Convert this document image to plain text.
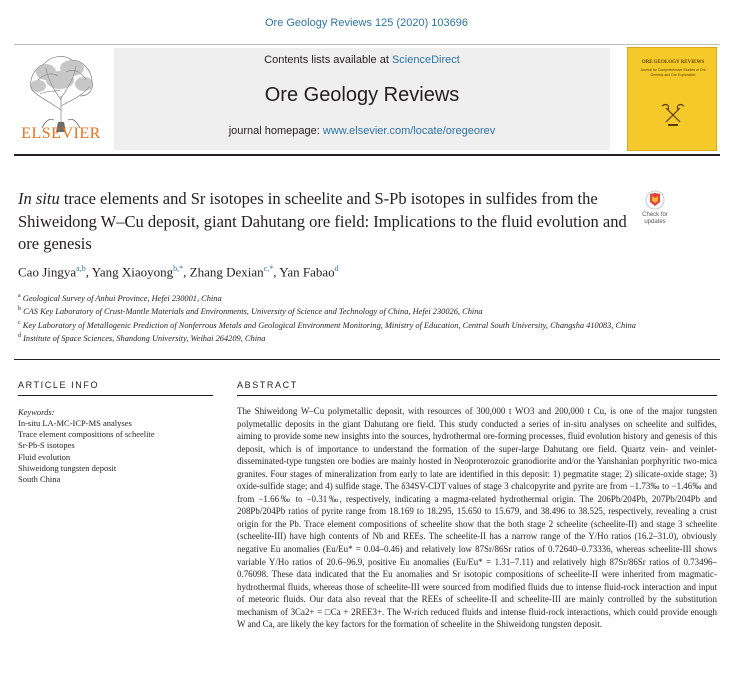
Ore Geology Reviews 125 (2020) 103696
ELSEVIER
Contents lists available at ScienceDirect
Ore Geology Reviews
journal homepage: www.elsevier.com/locate/oregeorev
ORE GEOLOGY REVIEWS
Journal for Comprehensive Studies of Ore Genesis and Ore Exploration
In situ trace elements and Sr isotopes in scheelite and S-Pb isotopes in sulfides from the Shiweidong W–Cu deposit, giant Dahutang ore field: Implications to the fluid evolution and ore genesis
Check for updates
Cao Jingya$^{a,b}$, Yang Xiaoyong$^{b,*}$, Zhang Dexian$^{c,*}$, Yan Fabao$^d$
$^a$ Geological Survey of Anhui Province, Hefei 230001, China
$^b$ CAS Key Laboratory of Crust-Mantle Materials and Environments, University of Science and Technology of China, Hefei 230026, China
$^c$ Key Laboratory of Metallogenic Prediction of Nonferrous Metals and Geological Environment Monitoring, Ministry of Education, Central South University, Changsha 410083, China
$^d$ Institute of Space Sciences, Shandong University, Weihai 264209, China
ARTICLE INFO
Keywords:
In-situ LA-MC-ICP-MS analyses
Trace element compositions of scheelite
Sr-Pb-S isotopes
Fluid evolution
Shiweidong tungsten deposit
South China
ABSTRACT
The Shiweidong W–Cu polymetallic deposit, with resources of 300,000 t WO3 and 200,000 t Cu, is one of the major tungsten polymetallic deposits in the giant Dahutang ore field. This study conducted a series of in-situ analyses on scheelite and sulfides, aiming to provide some new insights into the sources, hydrothermal ore-forming processes, fluid evolution history and genesis of this deposit, which is of importance to understand the formation of the super-large Dahutang ore field. Quartz vein- and veinlet-disseminated-type tungsten ore bodies are mainly hosted in Neoproterozoic granodiorite and/or the Yanshanian porphyritic two-mica granites. Four stages of mineralization from early to late are identified in this deposit: 1) pegmatite stage; 2) silicate-oxide stage; 3) oxide-sulfide stage; and 4) sulfide stage. The δ34SV-CDT values of stage 3 chalcopyrite and pyrite are from −1.73‰ to −1.46‰ and from −1.66‰ to −0.31‰, respectively, indicating a magma-related hydrothermal origin. The 206Pb/204Pb, 207Pb/204Pb and 208Pb/204Pb ratios of pyrite range from 18.169 to 18.295, 15.650 to 15.679, and 38.496 to 38.525, respectively, revealing a crust origin for the Pb. Trace element compositions of scheelite show that the both stage 2 scheelite (scheelite-II) and stage 3 scheelite (scheelite-III) have high contents of Nb and REEs. The scheelite-II has a narrow range of the Y/Ho ratios (16.2–31.0), obviously negative Eu anomalies (Eu/Eu* = 0.04–0.46) and relatively low 87Sr/86Sr ratios of 0.72640–0.73336, whereas scheelite-III shows variable Y/Ho ratios of 20.6–96.9, positive Eu anomalies (Eu/Eu* = 1.31–7.11) and relatively high 87Sr/86Sr ratios of 0.73496–0.76098. These data indicated that the Eu anomalies and Sr isotopic compositions of scheelite-II were inherited from magmatic-hydrothermal fluids, whereas those of scheelite-III were sourced from modified fluids due to intense fluid-rock interaction and input of meteoric fluids. Our data also reveal that the REEs of scheelite-II and scheelite-III are mainly controlled by the substitution mechanism of 3Ca2+ = □Ca + 2REE3+. The W-rich reduced fluids and intense fluid-rock interactions, which could provide enough W and Ca, are likely the key factors for the formation of scheelite in the Shiweidong tungsten deposit.
